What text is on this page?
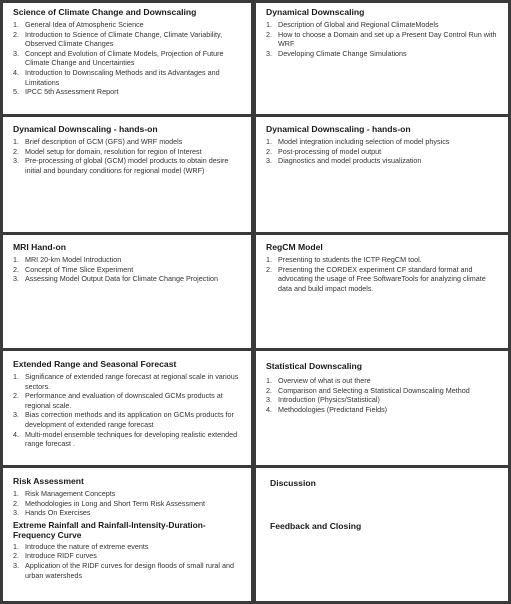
Science of Climate Change and Downscaling
1. General Idea of Atmospheric Science
2. Introduction to Science of Climate Change, Climate Variability, Observed Climate Changes
3. Concept and Evolution of Climate Models, Projection of Future Climate Change and Uncertainties
4. Introduction to Downscaling Methods and its Advantages and Limitations
5. IPCC 5th Assessment Report
Dynamical Downscaling
1. Description of Global and Regional ClimateModels
2. How to choose a Domain and set up a Present Day Control Run with WRF
3. Developing Climate Change Simulations
Dynamical Downscaling - hands-on
1. Brief description of GCM (GFS) and WRF models
2. Model setup for domain, resolution for region of Interest
3. Pre-processing of global (GCM) model products to obtain desire initial and boundary conditions for regional model (WRF)
Dynamical Downscaling - hands-on
1. Model integration including selection of model physics
2. Post-processing of model output
3. Diagnostics and model products visualization
MRI Hand-on
1. MRI 20-km Model Introduction
2. Concept of Time Slice Experiment
3. Assessing Model Output Data for Climate Change Projection
RegCM Model
1. Presenting to students the ICTP RegCM tool.
2. Presenting the CORDEX experiment CF standard format and advocating the usage of Free SoftwareTools for analyzing climate data and build impact models.
Extended Range and Seasonal Forecast
1. Significance of extended range forecast at regional scale in various sectors.
2. Performance and evaluation of downscaled GCMs products at regional scale.
3. Bias correction methods and its application on GCMs products for development of extended range forecast
4. Multi-model ensemble techniques for developing realistic extended range forecast .
Statistical Downscaling
1. Overview of what is out there
2. Comparison and Selecting a Statistical Downscaling Method
3. Introduction (Physics/Statistical)
4. Methodologies (Predictand Fields)
Risk Assessment
1. Risk Management Concepts
2. Methodologies in Long and Short Term Risk Assessment
3. Hands On Exercises
Extreme Rainfall and Rainfall-Intensity-Duration-Frequency Curve
1. Introduce the nature of extreme events
2. Introduce RIDF curves
3. Application of the RIDF curves for design floods of small rural and urban watersheds
Discussion
Feedback and Closing
